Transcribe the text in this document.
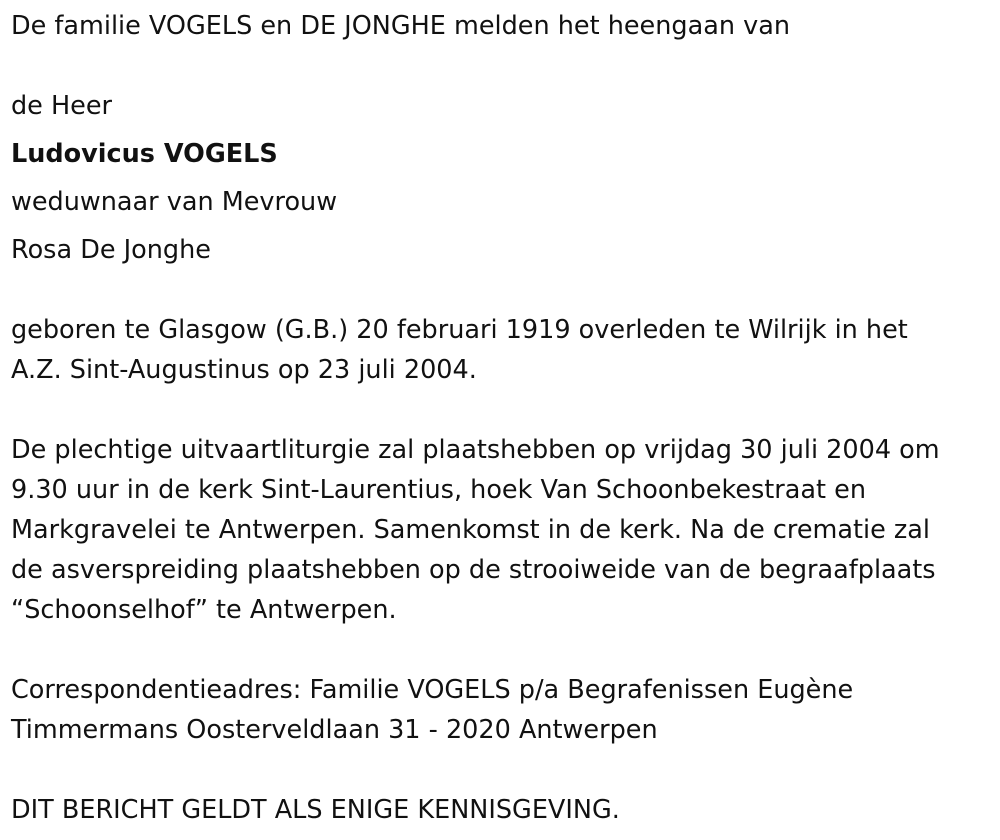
De familie VOGELS en DE JONGHE melden het heengaan van

de Heer

Ludovicus VOGELS

weduwnaar van Mevrouw

Rosa De Jonghe

geboren te Glasgow (G.B.) 20 februari 1919 overleden te Wilrijk in het

A.Z. Sint-Augustinus op 23 juli 2004.

De plechtige uitvaartliturgie zal plaatshebben op vrijdag 30 juli 2004 om

9.30 uur in de kerk Sint-Laurentius, hoek Van Schoonbekestraat en

Markgravelei te Antwerpen. Samenkomst in de kerk. Na de crematie zal

de asverspreiding plaatshebben op de strooiweide van de begraafplaats

“Schoonselhof” te Antwerpen.

Correspondentieadres: Familie VOGELS p/a Begrafenissen Eugène

Timmermans Oosterveldlaan 31 - 2020 Antwerpen

DIT BERICHT GELDT ALS ENIGE KENNISGEVING.
